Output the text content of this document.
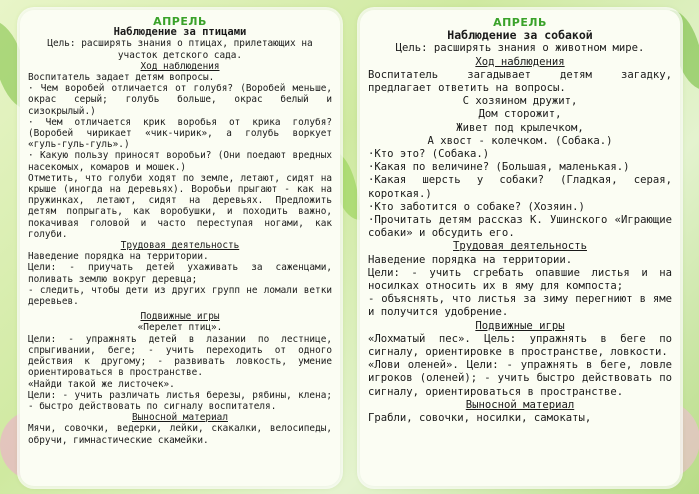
АПРЕЛЬ
Наблюдение за птицами

Цель: расширять знания о птицах, прилетающих на участок детского сада.

Ход наблюдения

Воспитатель задает детям вопросы.

· Чем воробей отличается от голубя? (Воробей меньше, окрас серый; голубь больше, окрас белый и сизокрылый.)

· Чем отличается крик воробья от крика голубя? (Воробей чирикает «чик-чирик», а голубь воркует «гуль-гуль-гуль».)

· Какую пользу приносят воробьи? (Они поедают вредных насекомых, комаров и мошек.)

Отметить, что голуби ходят по земле, летают, сидят на крыше (иногда на деревьях). Воробьи прыгают - как на пружинках, летают, сидят на деревьях. Предложить детям попрыгать, как воробушки, и походить важно, покачивая головой и часто переступая ногами, как голуби.

Трудовая деятельность

Наведение порядка на территории.

Цели: - приучать детей ухаживать за саженцами, поливать землю вокруг деревца;

- следить, чтобы дети из других групп не ломали ветки деревьев.

Подвижные игры

«Перелет птиц».

Цели: - упражнять детей в лазании по лестнице, спрыгивании, беге; - учить переходить от одного действия к другому; - развивать ловкость, умение ориентироваться в пространстве.

«Найди такой же листочек».

Цели: - учить различать листья березы, рябины, клена; - быстро действовать по сигналу воспитателя.

Выносной материал

Мячи, совочки, ведерки, лейки, скакалки, велосипеды, обручи, гимнастические скамейки.

АПРЕЛЬ
Наблюдение за собакой

Цель: расширять знания о животном мире.

Ход наблюдения

Воспитатель загадывает детям загадку, предлагает ответить на вопросы.

С хозяином дружит,

Дом сторожит,

Живет под крылечком,

А хвост - колечком. (Собака.)

·Кто это? (Собака.)

·Какая по величине? (Большая, маленькая.)

·Какая шерсть у собаки? (Гладкая, серая, короткая.)

·Кто заботится о собаке? (Хозяин.)

·Прочитать детям рассказ К. Ушинского «Играющие собаки» и обсудить его.

Трудовая деятельность

Наведение порядка на территории.

Цели: - учить сгребать опавшие листья и на носилках относить их в яму для компоста;

- объяснять, что листья за зиму перегниют в яме и получится удобрение.

Подвижные игры

«Лохматый пес». Цель: упражнять в беге по сигналу, ориентировке в пространстве, ловкости.

«Лови оленей». Цели: - упражнять в беге, ловле игроков (оленей); - учить быстро действовать по сигналу, ориентироваться в пространстве.

Выносной материал

Грабли, совочки, носилки, самокаты,
